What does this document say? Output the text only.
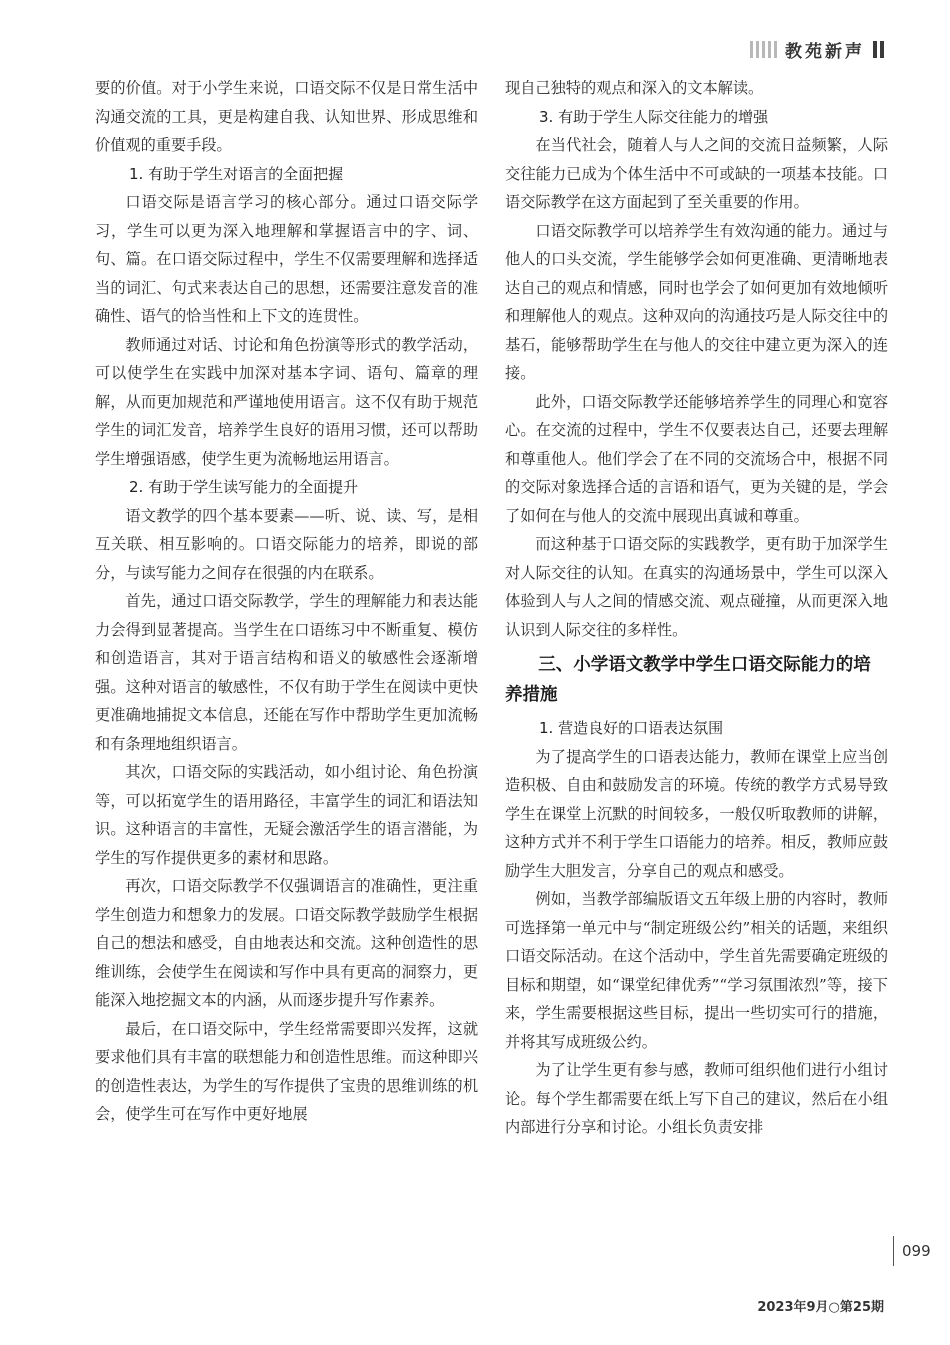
教苑新声

要的价值。对于小学生来说，口语交际不仅是日常生活中沟通交流的工具，更是构建自我、认知世界、形成思维和价值观的重要手段。

1. 有助于学生对语言的全面把握

口语交际是语言学习的核心部分。通过口语交际学习，学生可以更为深入地理解和掌握语言中的字、词、句、篇。在口语交际过程中，学生不仅需要理解和选择适当的词汇、句式来表达自己的思想，还需要注意发音的准确性、语气的恰当性和上下文的连贯性。

教师通过对话、讨论和角色扮演等形式的教学活动，可以使学生在实践中加深对基本字词、语句、篇章的理解，从而更加规范和严谨地使用语言。这不仅有助于规范学生的词汇发音，培养学生良好的语用习惯，还可以帮助学生增强语感，使学生更为流畅地运用语言。

2. 有助于学生读写能力的全面提升

语文教学的四个基本要素——听、说、读、写，是相互关联、相互影响的。口语交际能力的培养，即说的部分，与读写能力之间存在很强的内在联系。

首先，通过口语交际教学，学生的理解能力和表达能力会得到显著提高。当学生在口语练习中不断重复、模仿和创造语言，其对于语言结构和语义的敏感性会逐渐增强。这种对语言的敏感性，不仅有助于学生在阅读中更快更准确地捕捉文本信息，还能在写作中帮助学生更加流畅和有条理地组织语言。

其次，口语交际的实践活动，如小组讨论、角色扮演等，可以拓宽学生的语用路径，丰富学生的词汇和语法知识。这种语言的丰富性，无疑会激活学生的语言潜能，为学生的写作提供更多的素材和思路。

再次，口语交际教学不仅强调语言的准确性，更注重学生创造力和想象力的发展。口语交际教学鼓励学生根据自己的想法和感受，自由地表达和交流。这种创造性的思维训练，会使学生在阅读和写作中具有更高的洞察力，更能深入地挖掘文本的内涵，从而逐步提升写作素养。

最后，在口语交际中，学生经常需要即兴发挥，这就要求他们具有丰富的联想能力和创造性思维。而这种即兴的创造性表达，为学生的写作提供了宝贵的思维训练的机会，使学生可在写作中更好地展

现自己独特的观点和深入的文本解读。

3. 有助于学生人际交往能力的增强

在当代社会，随着人与人之间的交流日益频繁，人际交往能力已成为个体生活中不可或缺的一项基本技能。口语交际教学在这方面起到了至关重要的作用。

口语交际教学可以培养学生有效沟通的能力。通过与他人的口头交流，学生能够学会如何更准确、更清晰地表达自己的观点和情感，同时也学会了如何更加有效地倾听和理解他人的观点。这种双向的沟通技巧是人际交往中的基石，能够帮助学生在与他人的交往中建立更为深入的连接。

此外，口语交际教学还能够培养学生的同理心和宽容心。在交流的过程中，学生不仅要表达自己，还要去理解和尊重他人。他们学会了在不同的交流场合中，根据不同的交际对象选择合适的言语和语气，更为关键的是，学会了如何在与他人的交流中展现出真诚和尊重。

而这种基于口语交际的实践教学，更有助于加深学生对人际交往的认知。在真实的沟通场景中，学生可以深入体验到人与人之间的情感交流、观点碰撞，从而更深入地认识到人际交往的多样性。

三、小学语文教学中学生口语交际能力的培养措施
1. 营造良好的口语表达氛围

为了提高学生的口语表达能力，教师在课堂上应当创造积极、自由和鼓励发言的环境。传统的教学方式易导致学生在课堂上沉默的时间较多，一般仅听取教师的讲解，这种方式并不利于学生口语能力的培养。相反，教师应鼓励学生大胆发言，分享自己的观点和感受。

例如，当教学部编版语文五年级上册的内容时，教师可选择第一单元中与“制定班级公约”相关的话题，来组织口语交际活动。在这个活动中，学生首先需要确定班级的目标和期望，如“课堂纪律优秀”“学习氛围浓烈”等，接下来，学生需要根据这些目标，提出一些切实可行的措施，并将其写成班级公约。

为了让学生更有参与感，教师可组织他们进行小组讨论。每个学生都需要在纸上写下自己的建议，然后在小组内部进行分享和讨论。小组长负责安排

099
2023年9月○第25期
